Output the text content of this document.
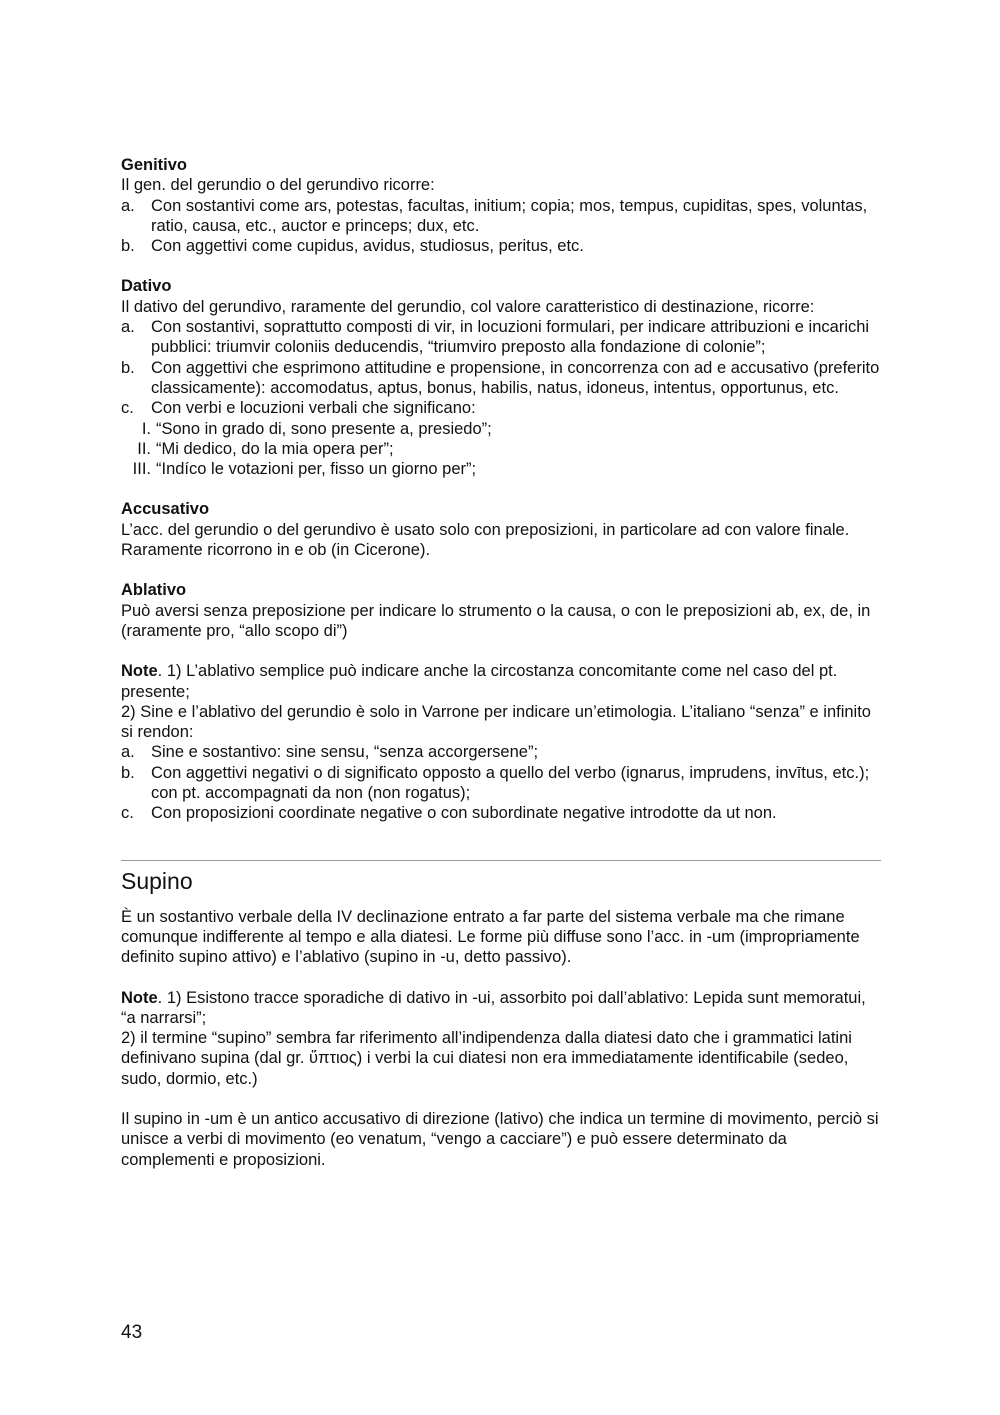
Genitivo

Il gen. del gerundio o del gerundivo ricorre:

a. Con sostantivi come ars, potestas, facultas, initium; copia; mos, tempus, cupiditas, spes, voluntas, ratio, causa, etc., auctor e princeps; dux, etc.
b. Con aggettivi come cupidus, avidus, studiosus, peritus, etc.
Dativo

Il dativo del gerundivo, raramente del gerundio, col valore caratteristico di destinazione, ricorre:

a. Con sostantivi, soprattutto composti di vir, in locuzioni formulari, per indicare attribuzioni e incarichi pubblici: triumvir coloniis deducendis, “triumviro preposto alla fondazione di colonie”;
b. Con aggettivi che esprimono attitudine e propensione, in concorrenza con ad e accusativo (preferito classicamente): accomodatus, aptus, bonus, habilis, natus, idoneus, intentus, opportunus, etc.
c.	Con verbi e locuzioni verbali che significano:
I. “Sono in grado di, sono presente a, presiedo”;
II. “Mi dedico, do la mia opera per”;
III. “Indíco le votazioni per, fisso un giorno per”;
Accusativo

L’acc. del gerundio o del gerundivo è usato solo con preposizioni, in particolare ad con valore finale.

Raramente ricorrono in e ob (in Cicerone).

Ablativo

Può aversi senza preposizione per indicare lo strumento o la causa, o con le preposizioni ab, ex, de, in (raramente pro, “allo scopo di”)

Note. 1) L’ablativo semplice può indicare anche la circostanza concomitante come nel caso del pt. presente;

2) Sine e l’ablativo del gerundio è solo in Varrone per indicare un’etimologia. L’italiano “senza” e infinito si rendon:

a. Sine e sostantivo: sine sensu, “senza accorgersene”;
b. Con aggettivi negativi o di significato opposto a quello del verbo (ignarus, imprudens, invītus, etc.); con pt. accompagnati da non (non rogatus);
c.	Con proposizioni coordinate negative o con subordinate negative introdotte da ut non.
Supino

È un sostantivo verbale della IV declinazione entrato a far parte del sistema verbale ma che rimane comunque indifferente al tempo e alla diatesi. Le forme più diffuse sono l’acc. in -um (impropriamente definito supino attivo) e l’ablativo (supino in -u, detto passivo).

Note. 1) Esistono tracce sporadiche di dativo in -ui, assorbito poi dall’ablativo: Lepida sunt memoratui, “a narrarsi”;

2) il termine “supino” sembra far riferimento all’indipendenza dalla diatesi dato che i grammatici latini definivano supina (dal gr. ὕπτιος) i verbi la cui diatesi non era immediatamente identificabile (sedeo, sudo, dormio, etc.)

Il supino in -um è un antico accusativo di direzione (lativo) che indica un termine di movimento, perciò si unisce a verbi di movimento (eo venatum, “vengo a cacciare”) e può essere determinato da complementi e proposizioni.

43
